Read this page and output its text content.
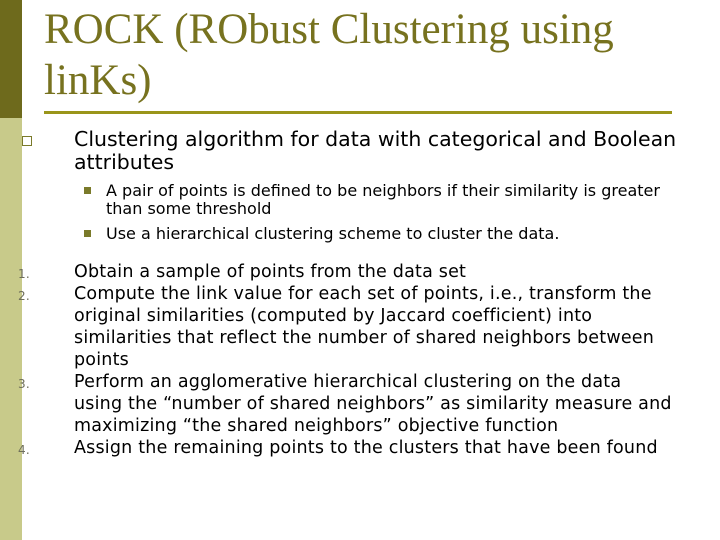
ROCK (RObust Clustering using linKs)
Clustering algorithm for data with categorical and Boolean attributes
A pair of points is defined to be neighbors if their similarity is greater than some threshold
Use a hierarchical clustering scheme to cluster the data.
1.	Obtain a sample of points from the data set
2.	Compute the link value for each set of points, i.e., transform the original similarities (computed by Jaccard coefficient) into similarities that reflect the number of shared neighbors between points
3.	Perform an agglomerative hierarchical clustering on the data using the “number of shared neighbors” as similarity measure and maximizing “the shared neighbors” objective function
4.	Assign the remaining points to the clusters that have been found
